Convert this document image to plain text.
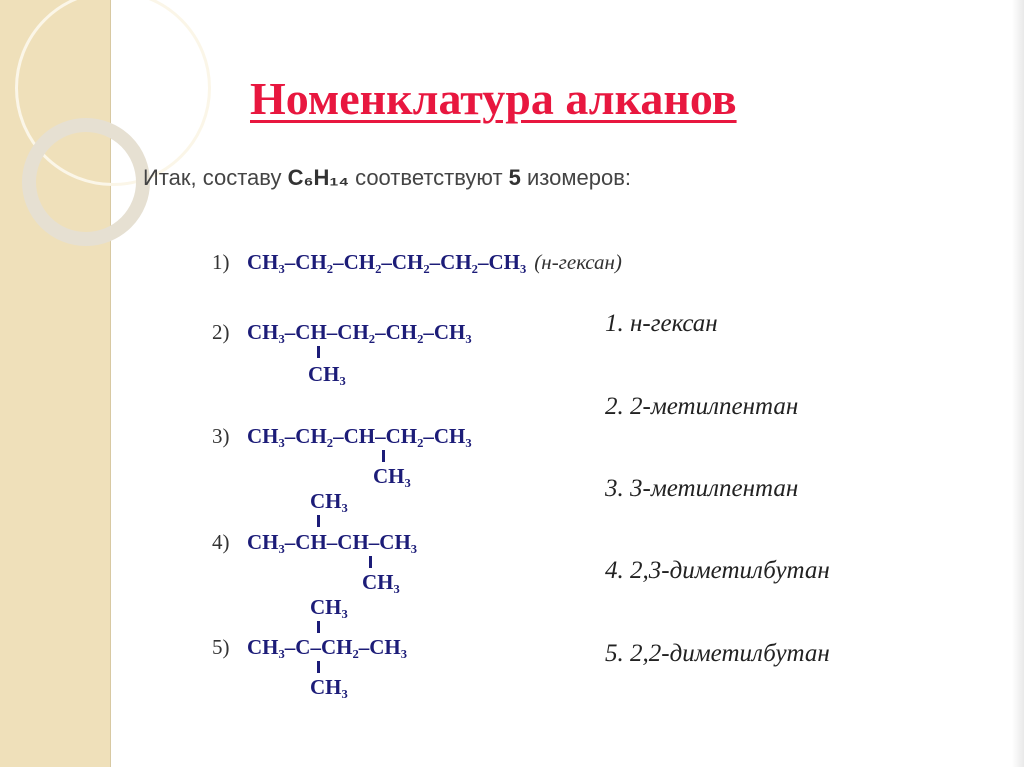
Номенклатура алканов
Итак, составу C₆H₁₄ соответствуют 5 изомеров:
1) CH₃–CH₂–CH₂–CH₂–CH₂–CH₃ (н-гексан)
2) CH₃–CH–CH₂–CH₂–CH₃
CH₃
3) CH₃–CH₂–CH–CH₂–CH₃
CH₃
CH₃
4) CH₃–CH–CH–CH₃
CH₃
CH₃
5) CH₃–C–CH₂–CH₃
CH₃
1. н-гексан
2. 2-метилпентан
3. 3-метилпентан
4. 2,3-диметилбутан
5. 2,2-диметилбутан
